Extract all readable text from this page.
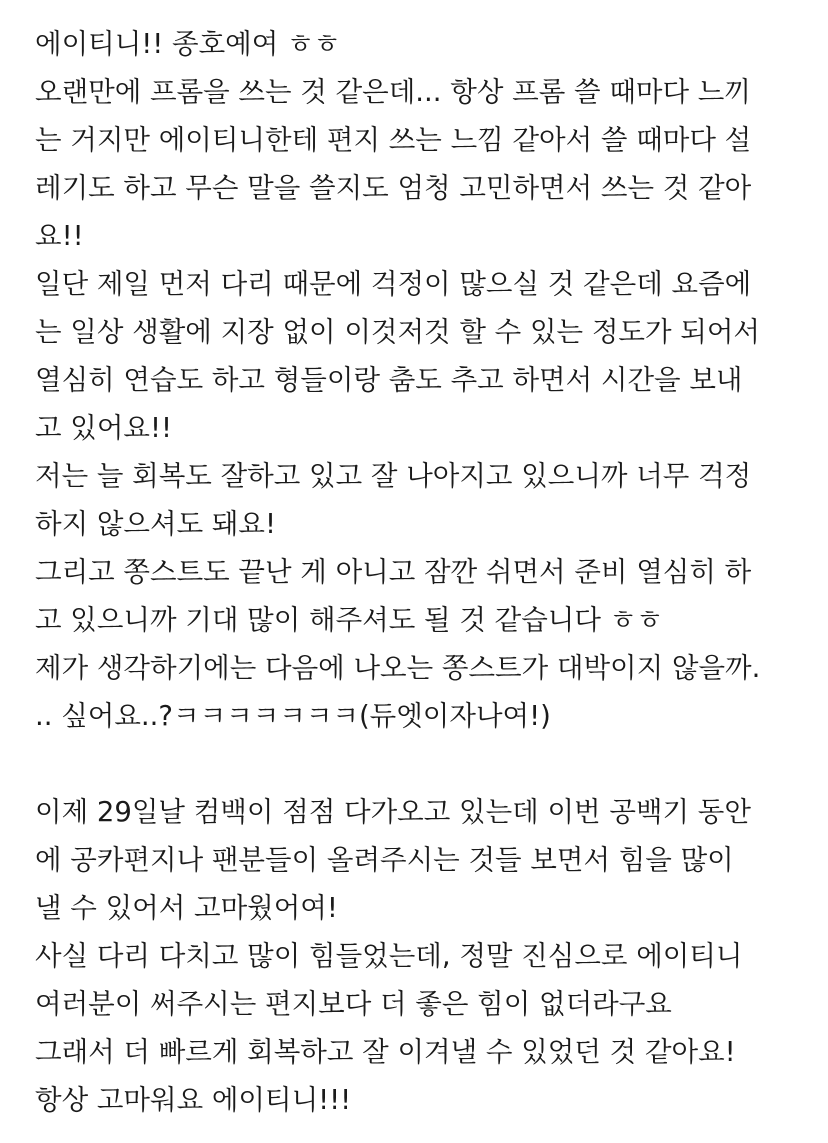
에이티니!! 종호예여 ㅎㅎ
오랜만에 프롬을 쓰는 것 같은데... 항상 프롬 쓸 때마다 느끼
는 거지만 에이티니한테 편지 쓰는 느낌 같아서 쓸 때마다 설
레기도 하고 무슨 말을 쓸지도 엄청 고민하면서 쓰는 것 같아
요!!
일단 제일 먼저 다리 때문에 걱정이 많으실 것 같은데 요즘에
는 일상 생활에 지장 없이 이것저것 할 수 있는 정도가 되어서
열심히 연습도 하고 형들이랑 춤도 추고 하면서 시간을 보내
고 있어요!!
저는 늘 회복도 잘하고 있고 잘 나아지고 있으니까 너무 걱정
하지 않으셔도 돼요!
그리고 쫑스트도 끝난 게 아니고 잠깐 쉬면서 준비 열심히 하
고 있으니까 기대 많이 해주셔도 될 것 같습니다 ㅎㅎ
제가 생각하기에는 다음에 나오는 쫑스트가 대박이지 않을까.
.. 싶어요..?ㅋㅋㅋㅋㅋㅋㅋ(듀엣이자나여!)
이제 29일날 컴백이 점점 다가오고 있는데 이번 공백기 동안
에 공카편지나 팬분들이 올려주시는 것들 보면서 힘을 많이
낼 수 있어서 고마웠어여!
사실 다리 다치고 많이 힘들었는데, 정말 진심으로 에이티니
여러분이 써주시는 편지보다 더 좋은 힘이 없더라구요
그래서 더 빠르게 회복하고 잘 이겨낼 수 있었던 것 같아요!
항상 고마워요 에이티니!!!
